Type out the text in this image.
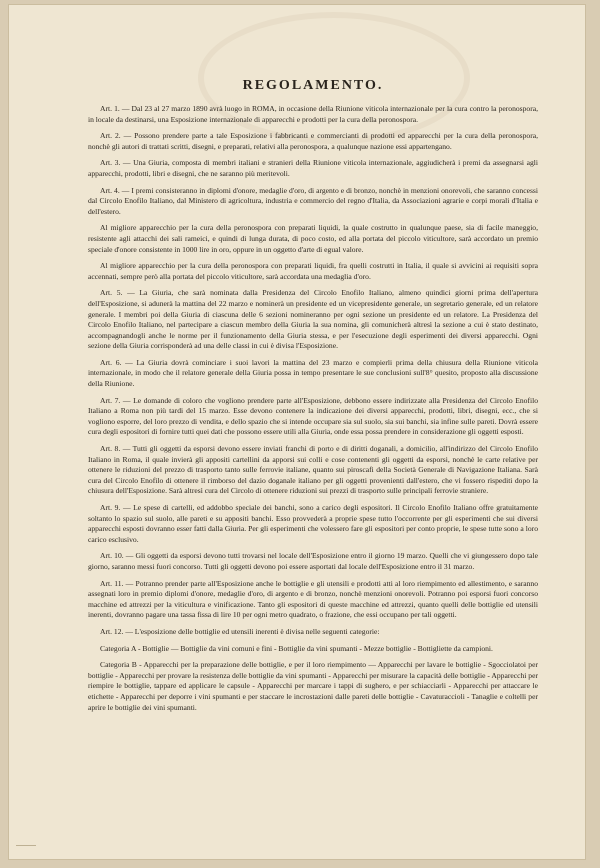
REGOLAMENTO.

Art. 1. — Dal 23 al 27 marzo 1890 avrà luogo in ROMA, in occasione della Riunione viticola internazionale per la cura contro la peronospora, in locale da destinarsi, una Esposizione internazionale di apparecchi e prodotti per la cura della peronospora.

Art. 2. — Possono prendere parte a tale Esposizione i fabbricanti e commercianti di prodotti ed apparecchi per la cura della peronospora, nonchè gli autori di trattati scritti, disegni, e preparati, relativi alla peronospora, a qualunque nazione essi appartengano.

Art. 3. — Una Giuria, composta di membri italiani e stranieri della Riunione viticola internazionale, aggiudicherà i premi da assegnarsi agli apparecchi, prodotti, libri e disegni, che ne saranno più meritevoli.

Art. 4. — I premi consisteranno in diplomi d'onore, medaglie d'oro, di argento e di bronzo, nonchè in menzioni onorevoli, che saranno concessi dal Circolo Enofilo Italiano, dal Ministero di agricoltura, industria e commercio del regno d'Italia, da Associazioni agrarie e corpi morali d'Italia e dell'estero.

Al migliore apparecchio per la cura della peronospora con preparati liquidi, la quale costrutto in qualunque paese, sia di facile maneggio, resistente agli attacchi dei sali rameici, e quindi di lunga durata, di poco costo, ed alla portata del piccolo viticultore, sarà accordato un premio speciale d'onore consistente in 1000 lire in oro, oppure in un oggetto d'arte di egual valore.

Al migliore apparecchio per la cura della peronospora con preparati liquidi, fra quelli costrutti in Italia, il quale si avvicini ai requisiti sopra accennati, sempre però alla portata del piccolo viticultore, sarà accordata una medaglia d'oro.

Art. 5. — La Giuria, che sarà nominata dalla Presidenza del Circolo Enofilo Italiano, almeno quindici giorni prima dell'apertura dell'Esposizione, si adunerà la mattina del 22 marzo e nominerà un presidente ed un vicepresidente generale, un segretario generale, ed un relatore generale. I membri poi della Giuria di ciascuna delle 6 sezioni nomineranno per ogni sezione un presidente ed un relatore. La Presidenza del Circolo Enofilo Italiano, nel partecipare a ciascun membro della Giuria la sua nomina, gli comunicherà altresì la sezione a cui è stato destinato, accompagnandogli anche le norme per il funzionamento della Giuria stessa, e per l'esecuzione degli esperimenti dei diversi apparecchi. Ogni sezione della Giuria corrisponderà ad una delle classi in cui è divisa l'Esposizione.

Art. 6. — La Giuria dovrà cominciare i suoi lavori la mattina del 23 marzo e compierli prima della chiusura della Riunione viticola internazionale, in modo che il relatore generale della Giuria possa in tempo presentare le sue conclusioni sull'8° quesito, proposto alla discussione della Riunione.

Art. 7. — Le domande di coloro che vogliono prendere parte all'Esposizione, debbono essere indirizzate alla Presidenza del Circolo Enofilo Italiano a Roma non più tardi del 15 marzo. Esse devono contenere la indicazione dei diversi apparecchi, prodotti, libri, disegni, ecc., che si vogliono esporre, del loro prezzo di vendita, e dello spazio che si intende occupare sia sul suolo, sia sui banchi, sia infine sulle pareti. Dovrà essere cura degli espositori di fornire tutti quei dati che possono essere utili alla Giuria, onde essa possa prendere in considerazione gli oggetti esposti.

Art. 8. — Tutti gli oggetti da esporsi devono essere inviati franchi di porto e di diritti doganali, a domicilio, all'indirizzo del Circolo Enofilo Italiano in Roma, il quale invierà gli appositi cartellini da apporsi sui colli e cose contenenti gli oggetti da esporsi, nonchè le carte relative per ottenere le riduzioni del prezzo di trasporto tanto sulle ferrovie italiane, quanto sui piroscafi della Società Generale di Navigazione Italiana. Sarà cura del Circolo Enofilo di ottenere il rimborso del dazio doganale italiano per gli oggetti provenienti dall'estero, che vi fossero rispediti dopo la chiusura dell'Esposizione. Sarà altresì cura del Circolo di ottenere riduzioni sui prezzi di trasporto sulle principali ferrovie straniere.

Art. 9. — Le spese di cartelli, ed addobbo speciale dei banchi, sono a carico degli espositori. Il Circolo Enofilo Italiano offre gratuitamente soltanto lo spazio sul suolo, alle pareti e su appositi banchi. Esso provvederà a proprie spese tutto l'occorrente per gli esperimenti che sui diversi apparecchi esposti dovranno esser fatti dalla Giuria. Per gli esperimenti che volessero fare gli espositori per conto proprie, le spese tutte sono a loro carico esclusivo.

Art. 10. — Gli oggetti da esporsi devono tutti trovarsi nel locale dell'Esposizione entro il giorno 19 marzo. Quelli che vi giungessero dopo tale giorno, saranno messi fuori concorso. Tutti gli oggetti devono poi essere asportati dal locale dell'Esposizione entro il 31 marzo.

Art. 11. — Potranno prender parte all'Esposizione anche le bottiglie e gli utensili e prodotti atti al loro riempimento ed allestimento, e saranno assegnati loro in premio diplomi d'onore, medaglie d'oro, di argento e di bronzo, nonchè menzioni onorevoli. Potranno poi esporsi fuori concorso macchine ed attrezzi per la viticultura e vinificazione. Tanto gli espositori di queste macchine ed attrezzi, quanto quelli delle bottiglie ed utensili inerenti, dovranno pagare una tassa fissa di lire 10 per ogni metro quadrato, o frazione, che essi occupano per tali oggetti.

Art. 12. — L'esposizione delle bottiglie ed utensili inerenti è divisa nelle seguenti categorie:

Categoria A - Bottiglie — Bottiglie da vini comuni e fini - Bottiglie da vini spumanti - Mezze bottiglie - Bottigliette da campioni.

Categoria B - Apparecchi per la preparazione delle bottiglie, e per il loro riempimento — Apparecchi per lavare le bottiglie - Sgocciolatoi per bottiglie - Apparecchi per provare la resistenza delle bottiglie da vini spumanti - Apparecchi per misurare la capacità delle bottiglie - Apparecchi per riempire le bottiglie, tappare ed applicare le capsule - Apparecchi per marcare i tappi di sughero, e per schiacciarli - Apparecchi per attaccare le etichette - Apparecchi per deporre i vini spumanti e per staccare le incrostazioni dalle pareti delle bottiglie - Cavaturaccioli - Tanaglie e coltelli per aprire le bottiglie dei vini spumanti.
